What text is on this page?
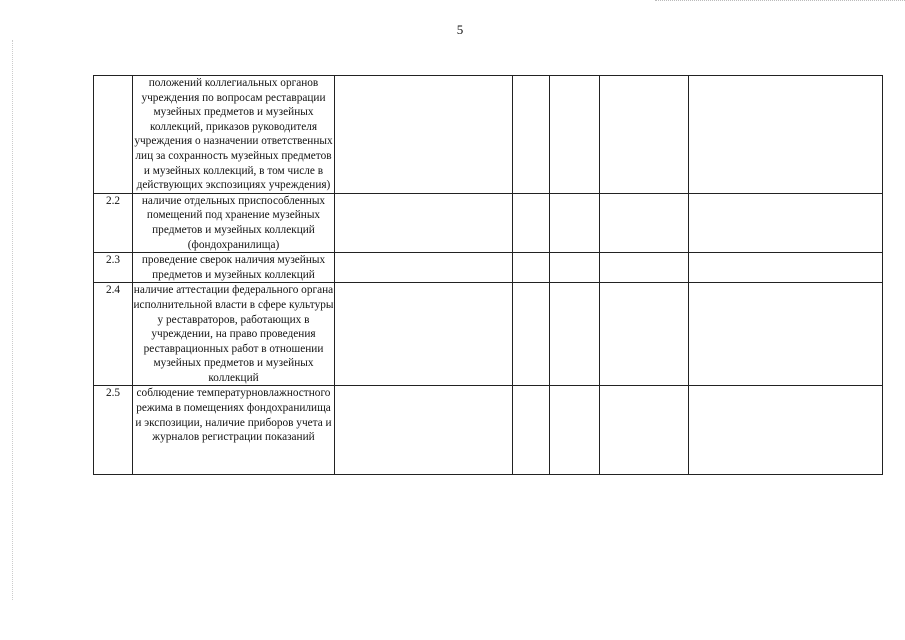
5
	положений коллегиальных органов учреждения по вопросам реставрации музейных предметов и музейных коллекций, приказов руководителя учреждения о назначении ответственных лиц за сохранность музейных предметов и музейных коллекций, в том числе в действующих экспозициях учреждения)					
2.2	наличие отдельных приспособленных помещений под хранение музейных предметов и музейных коллекций (фондохранилища)					
2.3	проведение сверок наличия музейных предметов и музейных коллекций					
2.4	наличие аттестации федерального органа исполнительной власти в сфере культуры у реставраторов, работающих в учреждении, на право проведения реставрационных работ в отношении музейных предметов и музейных коллекций					
2.5	соблюдение температурновлажностного режима в помещениях фондохранилища и экспозиции, наличие приборов учета и журналов регистрации показаний					
